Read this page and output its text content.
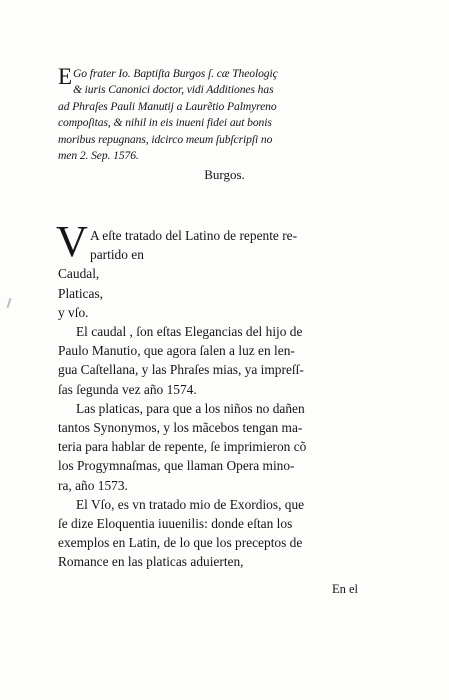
E Go frater Io. Baptiſta Burgos ſ. cæ Theologiç
& iuris Canonici doctor, vidi Additiones has
ad Phraſes Pauli Manutij a Laurẽtio Palmyreno
compoſitas, & nihil in eis inueni fidei aut bonis
moribus repugnans, idcirco meum ſubſcripſi no
men 2. Sep. 1576.
Burgos.
V A eſte tratado del Latino de repente re-
partido en
Caudal,
Platicas,
y vſo.
El caudal , ſon eſtas Elegancias del hijo de
Paulo Manutio, que agora ſalen a luz en len-
gua Caſtellana, y las Phraſes mias, ya impreſſ-
ſas ſegunda vez año 1574.
Las platicas, para que a los niños no dañen
tantos Synonymos, y los mãcebos tengan ma-
teria para hablar de repente, ſe imprimieron cõ
los Progymnaſmas, que llaman Opera mino-
ra, año 1573.
El Vſo, es vn tratado mio de Exordios, que
ſe dize Eloquentia iuuenilis: donde eſtan los
exemplos en Latin, de lo que los preceptos de
Romance en las platicas aduierten,
En el
